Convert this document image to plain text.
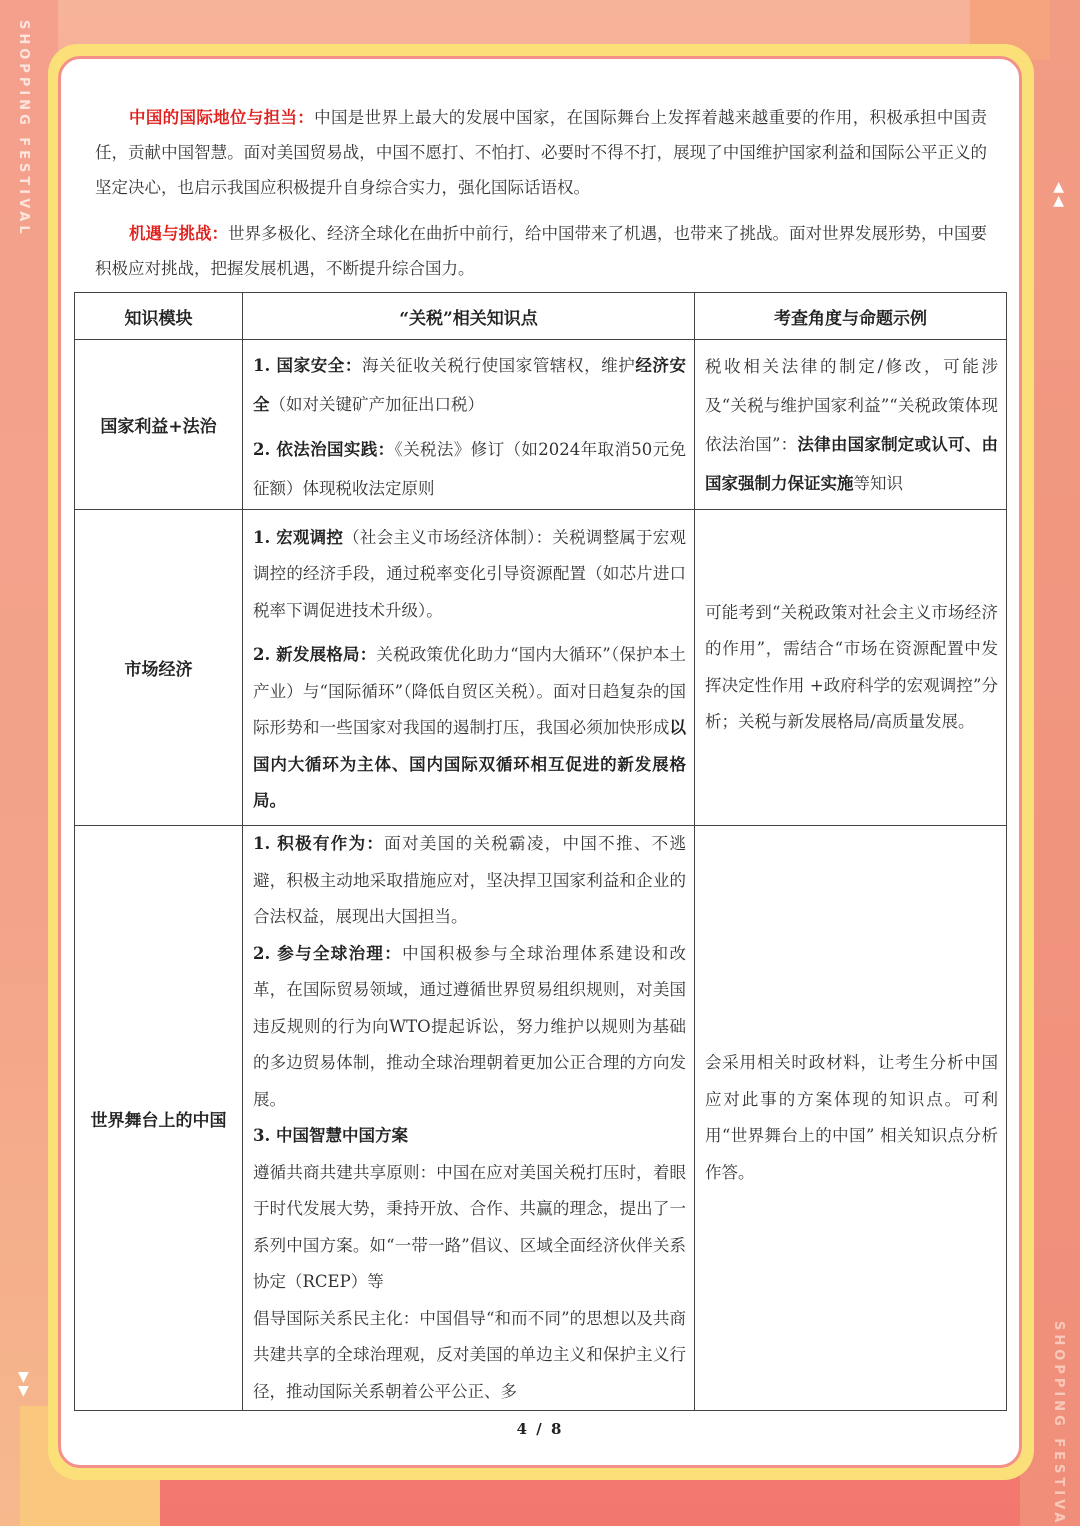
SHOPPING FESTIVAL
SHOPPING FESTIVA
▲
▲
▼
▼

中国的国际地位与担当：中国是世界上最大的发展中国家，在国际舞台上发挥着越来越重要的作用，积极承担中国责任，贡献中国智慧。面对美国贸易战，中国不愿打、不怕打、必要时不得不打，展现了中国维护国家利益和国际公平正义的坚定决心，也启示我国应积极提升自身综合实力，强化国际话语权。

机遇与挑战：世界多极化、经济全球化在曲折中前行，给中国带来了机遇，也带来了挑战。面对世界发展形势，中国要积极应对挑战，把握发展机遇，不断提升综合国力。

知识模块	“关税”相关知识点	考查角度与命题示例
国家利益+法治	1. 国家安全：海关征收关税行使国家管辖权，维护经济安全（如对关键矿产加征出口税）

2. 依法治国实践：《关税法》修订（如2024年取消50元免征额）体现税收法定原则	税收相关法律的制定/修改，可能涉及“关税与维护国家利益”“关税政策体现依法治国”：法律由国家制定或认可、由国家强制力保证实施等知识
市场经济	1. 宏观调控（社会主义市场经济体制）：关税调整属于宏观调控的经济手段，通过税率变化引导资源配置（如芯片进口税率下调促进技术升级）。

2. 新发展格局：关税政策优化助力“国内大循环”（保护本土产业）与“国际循环”（降低自贸区关税）。面对日趋复杂的国际形势和一些国家对我国的遏制打压，我国必须加快形成以国内大循环为主体、国内国际双循环相互促进的新发展格局。	可能考到“关税政策对社会主义市场经济的作用”，需结合“市场在资源配置中发挥决定性作用 +政府科学的宏观调控”分析；关税与新发展格局/高质量发展。
世界舞台上的中国	1. 积极有作为：面对美国的关税霸凌，中国不推、不逃避，积极主动地采取措施应对，坚决捍卫国家利益和企业的合法权益，展现出大国担当。

2. 参与全球治理：中国积极参与全球治理体系建设和改革，在国际贸易领域，通过遵循世界贸易组织规则，对美国违反规则的行为向WTO提起诉讼，努力维护以规则为基础的多边贸易体制，推动全球治理朝着更加公正合理的方向发展。

3. 中国智慧中国方案

遵循共商共建共享原则：中国在应对美国关税打压时，着眼于时代发展大势，秉持开放、合作、共赢的理念，提出了一系列中国方案。如“一带一路”倡议、区域全面经济伙伴关系协定（RCEP）等

倡导国际关系民主化：中国倡导“和而不同”的思想以及共商共建共享的全球治理观，反对美国的单边主义和保护主义行径，推动国际关系朝着公平公正、多	会采用相关时政材料，让考生分析中国应对此事的方案体现的知识点。可利用“世界舞台上的中国” 相关知识点分析作答。
4 / 8
